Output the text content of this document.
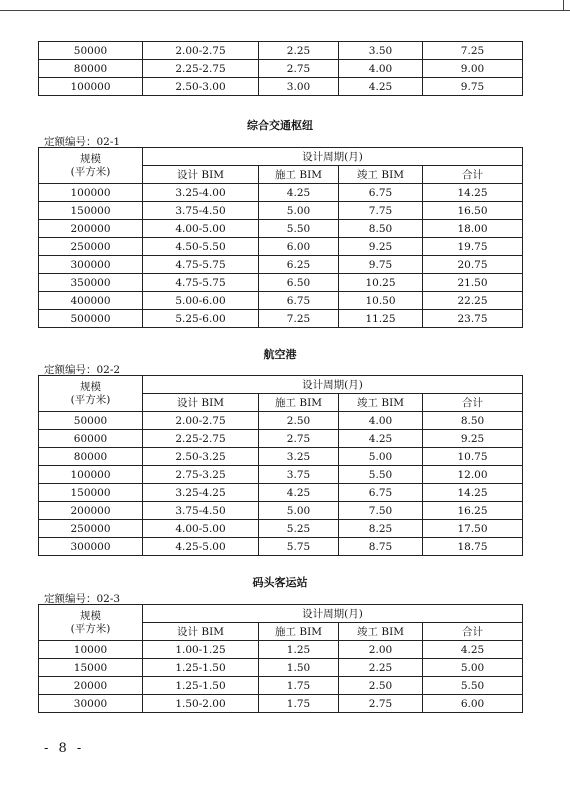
50000	2.00-2.75	2.25	3.50	7.25
80000	2.25-2.75	2.75	4.00	9.00
100000	2.50-3.00	3.00	4.25	9.75
综合交通枢纽
定额编号：02-1
规模
(平方米)	设计周期(月)			
	设计 BIM	施工 BIM	竣工 BIM	合计
100000	3.25-4.00	4.25	6.75	14.25
150000	3.75-4.50	5.00	7.75	16.50
200000	4.00-5.00	5.50	8.50	18.00
250000	4.50-5.50	6.00	9.25	19.75
300000	4.75-5.75	6.25	9.75	20.75
350000	4.75-5.75	6.50	10.25	21.50
400000	5.00-6.00	6.75	10.50	22.25
500000	5.25-6.00	7.25	11.25	23.75
航空港
定额编号：02-2
规模
(平方米)	设计周期(月)			
	设计 BIM	施工 BIM	竣工 BIM	合计
50000	2.00-2.75	2.50	4.00	8.50
60000	2.25-2.75	2.75	4.25	9.25
80000	2.50-3.25	3.25	5.00	10.75
100000	2.75-3.25	3.75	5.50	12.00
150000	3.25-4.25	4.25	6.75	14.25
200000	3.75-4.50	5.00	7.50	16.25
250000	4.00-5.00	5.25	8.25	17.50
300000	4.25-5.00	5.75	8.75	18.75
码头客运站
定额编号：02-3
规模
(平方米)	设计周期(月)			
	设计 BIM	施工 BIM	竣工 BIM	合计
10000	1.00-1.25	1.25	2.00	4.25
15000	1.25-1.50	1.50	2.25	5.00
20000	1.25-1.50	1.75	2.50	5.50
30000	1.50-2.00	1.75	2.75	6.00
- 8 -
